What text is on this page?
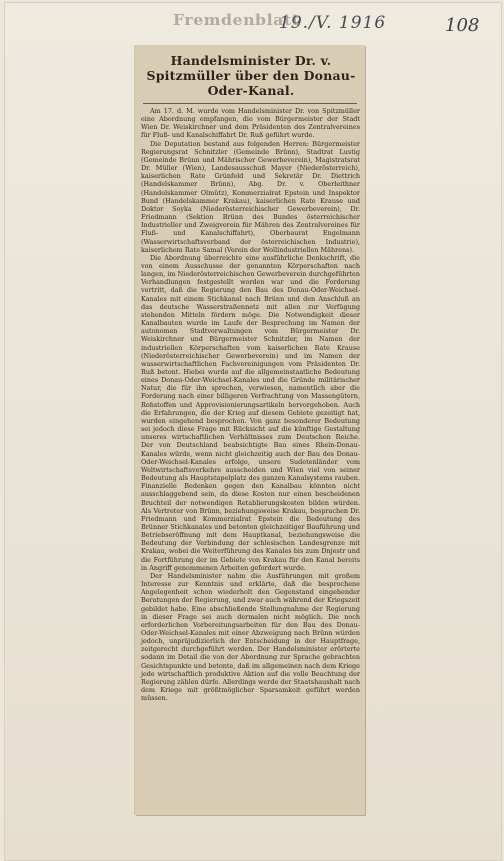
Fremdenblatt
19./V. 1916	108
Handelsminister Dr. v. Spitzmüller über den Donau-Oder-Kanal.

Am 17. d. M. wurde vom Handelsminister Dr. von Spitzmüller eine Abordnung empfangen, die vom Bürgermeister der Stadt Wien Dr. Weiskirchner und dem Präsidenten des Zentralvereines für Fluß- und Kanalschiffahrt Dr. Ruß geführt wurde.

Die Deputation bestand aus folgenden Herren: Bürgermeister Regierungsrat Schnitzler (Gemeinde Brünn), Stadtrat Lustig (Gemeinde Brünn und Mährischer Gewerbeverein), Magistratsrat Dr. Müller (Wien), Landesausschuß Mayer (Niederösterreich), kaiserlichen Rate Grünfeld und Sekretär Dr. Diettrich (Handelskammer Brünn), Abg. Dr. v. Oberleithner (Handelskammer Olmütz), Kommerzialrat Epstein und Inspektor Bund (Handelskammer Krakau), kaiserlichen Rate Krause und Doktor Soyka (Niederösterreichischer Gewerbeverein), Dr. Friedmann (Sektion Brünn des Bundes österreichischer Industrieller und Zweigverein für Mähren des Zentralvereines für Fluß- und Kanalschiffahrt), Oberbaurat Engelmann (Wasserwirtschaftsverband der österreichischen Industrie), kaiserlichem Rate Samal (Verein der Wollindustriellen Mährens).

Die Abordnung überreichte eine ausführliche Denkschrift, die von einem Ausschusse der genannten Körperschaften nach langen, im Niederösterreichischen Gewerbeverein durchgeführten Verhandlungen festgestellt worden war und die Forderung vertritt, daß die Regierung den Bau des Donau-Oder-Weichsel-Kanales mit einem Stichkanal nach Brünn und den Anschluß an das deutsche Wasserstraßennetz mit allen zur Verfügung stehenden Mitteln fördern möge. Die Notwendigkeit dieser Kanalbauten wurde im Laufe der Besprechung im Namen der autonomen Stadtverwaltungen vom Bürgermeister Dr. Weiskirchner und Bürgermeister Schnitzler, im Namen der industriellen Körperschaften vom kaiserlichen Rate Krause (Niederösterreichischer Gewerbeverein) und im Namen der wasserwirtschaftlichen Fachvereinigungen vom Präsidenten Dr. Ruß betont. Hiebei wurde auf die allgemeinstaatliche Bedeutung eines Donau-Oder-Weichsel-Kanales und die Gründe militärischer Natur, die für ihn sprechen, verwiesen, namentlich aber die Forderung nach einer billigeren Verfrachtung von Massengütern, Rohstoffen und Approvisionierungsartikeln hervorgehoben. Auch die Erfahrungen, die der Krieg auf diesem Gebiete gezeitigt hat, wurden eingehend besprochen. Von ganz besonderer Bedeutung sei jedoch diese Frage mit Rücksicht auf die künftige Gestaltung unseres wirtschaftlichen Verhältnisses zum Deutschen Reiche. Der von Deutschland beabsichtigte Bau eines Rhein-Donau-Kanales würde, wenn nicht gleichzeitig auch der Bau des Donau-Oder-Weichsel-Kanales erfolge, unsere Sudetenländer vom Weltwirtschaftsverkehre ausscheiden und Wien viel von seiner Bedeutung als Hauptstapelplatz des ganzen Kanalsystems rauben. Finanzielle Bedenken gegen den Kanalbau könnten nicht ausschlaggebend sein, da diese Kosten nur einen bescheidenen Bruchteil der notwendigen Retablierungskosten bilden würden. Als Vertreter von Brünn, beziehungsweise Krakau, besprachen Dr. Friedmann und Kommerzialrat Epstein die Bedeutung des Brünner Stichkanales und betonten gleichzeitiger Bauführung und Betriebseröffnung mit dem Hauptkanal, beziehungsweise die Bedeutung der Verbindung der schlesischen Landesgrenze mit Krakau, wobei die Weiterführung des Kanales bis zum Dnjestr und die Fortführung der im Gebiete von Krakau für den Kanal bereits in Angriff genommenen Arbeiten gefordert wurde.

Der Handelsminister nahm die Ausführungen mit großem Interesse zur Kenntnis und erklärte, daß die besprochene Angelegenheit schon wiederholt den Gegenstand eingehender Beratungen der Regierung, und zwar auch während der Kriegszeit gebildet habe. Eine abschließende Stellungnahme der Regierung in dieser Frage sei auch dermalen nicht möglich. Die noch erforderlichen Vorbereitungsarbeiten für den Bau des Donau-Oder-Weichsel-Kanales mit einer Abzweigung nach Brünn würden jedoch, unpräjudizierlich der Entscheidung in der Hauptfrage, zeitgerecht durchgeführt werden. Der Handelsminister erörterte sodann im Detail die von der Abordnung zur Sprache gebrachten Gesichtspunkte und betonte, daß im allgemeinen nach dem Kriege jede wirtschaftlich produktive Aktion auf die volle Beachtung der Regierung zählen dürfe. Allerdings werde der Staatshaushalt nach dem Kriege mit größtmöglicher Sparsamkeit geführt werden müssen.
